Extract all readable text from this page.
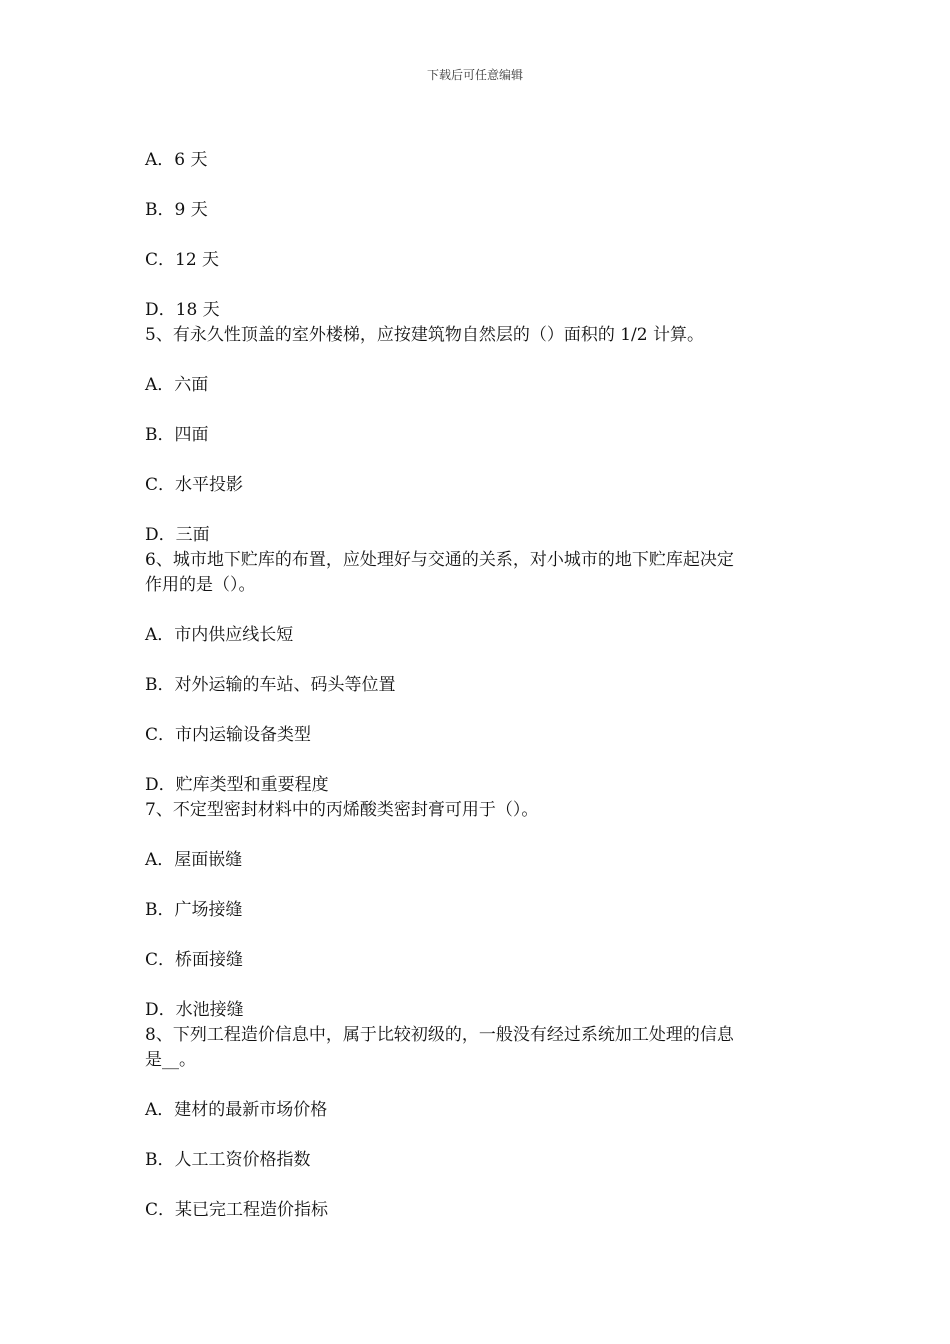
下载后可任意编辑
A．6 天
B．9 天
C．12 天
D．18 天
5、有永久性顶盖的室外楼梯，应按建筑物自然层的（）面积的 1/2 计算。
A．六面
B．四面
C．水平投影
D．三面
6、城市地下贮库的布置，应处理好与交通的关系，对小城市的地下贮库起决定
作用的是（）。
A．市内供应线长短
B．对外运输的车站、码头等位置
C．市内运输设备类型
D．贮库类型和重要程度
7、不定型密封材料中的丙烯酸类密封膏可用于（）。
A．屋面嵌缝
B．广场接缝
C．桥面接缝
D．水池接缝
8、下列工程造价信息中，属于比较初级的，一般没有经过系统加工处理的信息
是__。
A．建材的最新市场价格
B．人工工资价格指数
C．某已完工程造价指标
